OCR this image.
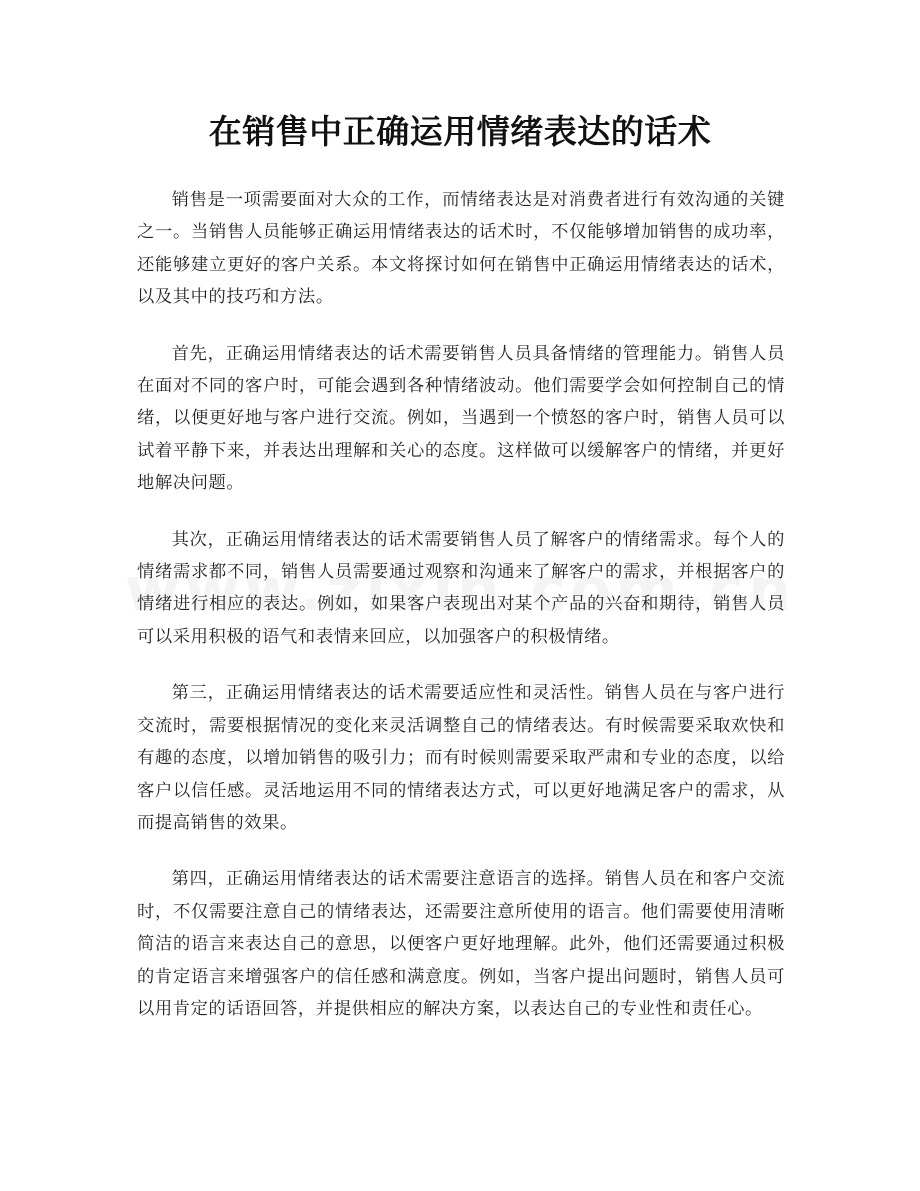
在销售中正确运用情绪表达的话术

销售是一项需要面对大众的工作，而情绪表达是对消费者进行有效沟通的关键之一。当销售人员能够正确运用情绪表达的话术时，不仅能够增加销售的成功率，还能够建立更好的客户关系。本文将探讨如何在销售中正确运用情绪表达的话术，以及其中的技巧和方法。

首先，正确运用情绪表达的话术需要销售人员具备情绪的管理能力。销售人员在面对不同的客户时，可能会遇到各种情绪波动。他们需要学会如何控制自己的情绪，以便更好地与客户进行交流。例如，当遇到一个愤怒的客户时，销售人员可以试着平静下来，并表达出理解和关心的态度。这样做可以缓解客户的情绪，并更好地解决问题。

其次，正确运用情绪表达的话术需要销售人员了解客户的情绪需求。每个人的情绪需求都不同，销售人员需要通过观察和沟通来了解客户的需求，并根据客户的情绪进行相应的表达。例如，如果客户表现出对某个产品的兴奋和期待，销售人员可以采用积极的语气和表情来回应，以加强客户的积极情绪。

第三，正确运用情绪表达的话术需要适应性和灵活性。销售人员在与客户进行交流时，需要根据情况的变化来灵活调整自己的情绪表达。有时候需要采取欢快和有趣的态度，以增加销售的吸引力；而有时候则需要采取严肃和专业的态度，以给客户以信任感。灵活地运用不同的情绪表达方式，可以更好地满足客户的需求，从而提高销售的效果。

第四，正确运用情绪表达的话术需要注意语言的选择。销售人员在和客户交流时，不仅需要注意自己的情绪表达，还需要注意所使用的语言。他们需要使用清晰简洁的语言来表达自己的意思，以便客户更好地理解。此外，他们还需要通过积极的肯定语言来增强客户的信任感和满意度。例如，当客户提出问题时，销售人员可以用肯定的话语回答，并提供相应的解决方案，以表达自己的专业性和责任心。
